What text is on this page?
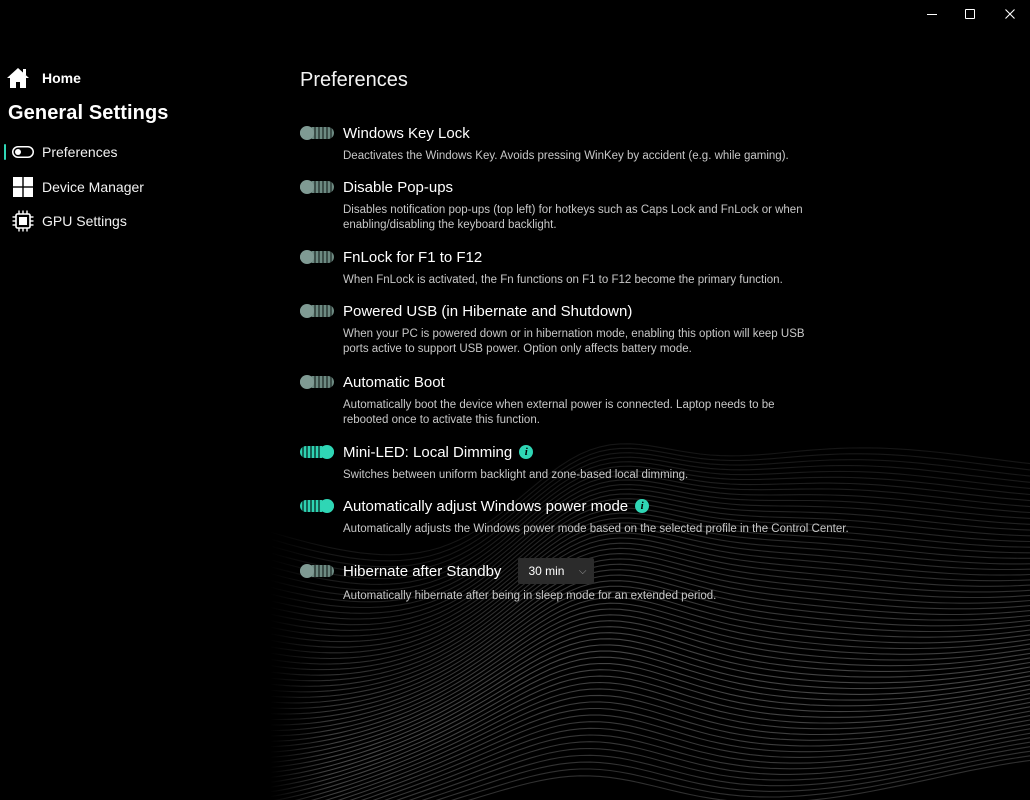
Home
General Settings
Preferences
Device Manager
GPU Settings
Preferences
Windows Key Lock
Deactivates the Windows Key. Avoids pressing WinKey by accident (e.g. while gaming).
Disable Pop-ups
Disables notification pop-ups (top left) for hotkeys such as Caps Lock and FnLock or when enabling/disabling the keyboard backlight.
FnLock for F1 to F12
When FnLock is activated, the Fn functions on F1 to F12 become the primary function.
Powered USB (in Hibernate and Shutdown)
When your PC is powered down or in hibernation mode, enabling this option will keep USB ports active to support USB power. Option only affects battery mode.
Automatic Boot
Automatically boot the device when external power is connected. Laptop needs to be rebooted once to activate this function.
Mini-LED: Local Dimming	i
Switches between uniform backlight and zone-based local dimming.
Automatically adjust Windows power mode	i
Automatically adjusts the Windows power mode based on the selected profile in the Control Center.
Hibernate after Standby 30 min ⌵
Automatically hibernate after being in sleep mode for an extended period.
